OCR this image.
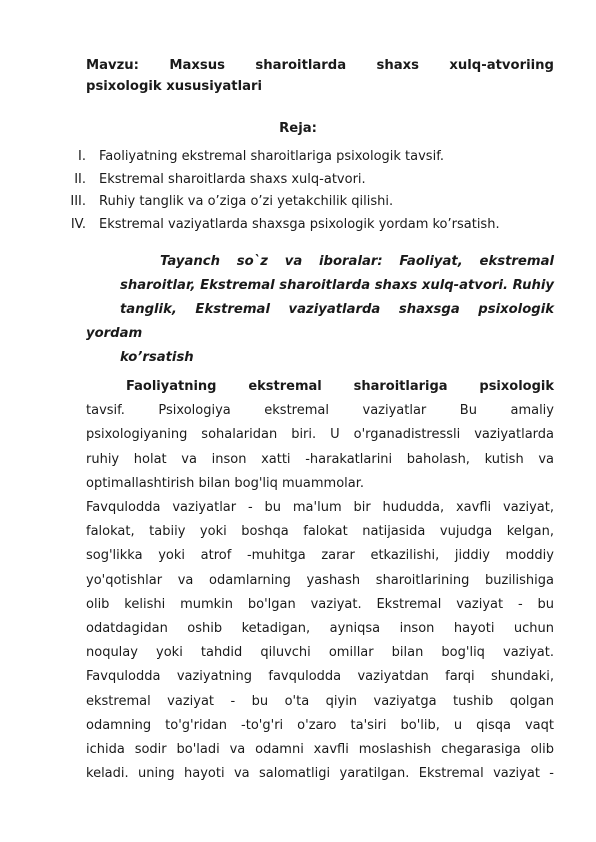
Mavzu: Maxsus sharoitlarda shaxs xulq-atvoriing
psixologik xususiyatlari
Reja:
I. Faoliyatning ekstremal sharoitlariga psixologik tavsif.
II. Ekstremal sharoitlarda shaxs xulq-atvori.
III. Ruhiy tanglik va o’ziga o’zi yetakchilik qilishi.
IV. Ekstremal vaziyatlarda shaxsga psixologik yordam ko’rsatish.
Tayanch so`z va iboralar: Faoliyat, ekstremal
sharoitlar, Ekstremal sharoitlarda shaxs xulq-atvori. Ruhiy
tanglik, Ekstremal vaziyatlarda shaxsga psixologik yordam
ko’rsatish
Faoliyatning ekstremal sharoitlariga psixologik
tavsif. Psixologiya ekstremal vaziyatlar Bu amaliy
psixologiyaning sohalaridan biri. U o'rganadistressli vaziyatlarda
ruhiy holat va inson xatti -harakatlarini baholash, kutish va
optimallashtirish bilan bog'liq muammolar.
Favqulodda vaziyatlar - bu ma'lum bir hududda, xavfli vaziyat,
falokat, tabiiy yoki boshqa falokat natijasida vujudga kelgan,
sog'likka yoki atrof -muhitga zarar etkazilishi, jiddiy moddiy
yo'qotishlar va odamlarning yashash sharoitlarining buzilishiga
olib kelishi mumkin bo'lgan vaziyat. Ekstremal vaziyat - bu
odatdagidan oshib ketadigan, ayniqsa inson hayoti uchun
noqulay yoki tahdid qiluvchi omillar bilan bog'liq vaziyat.
Favqulodda vaziyatning favqulodda vaziyatdan farqi shundaki,
ekstremal vaziyat - bu o'ta qiyin vaziyatga tushib qolgan
odamning to'g'ridan -to'g'ri o'zaro ta'siri bo'lib, u qisqa vaqt
ichida sodir bo'ladi va odamni xavfli moslashish chegarasiga olib
keladi. uning hayoti va salomatligi yaratilgan. Ekstremal vaziyat -
